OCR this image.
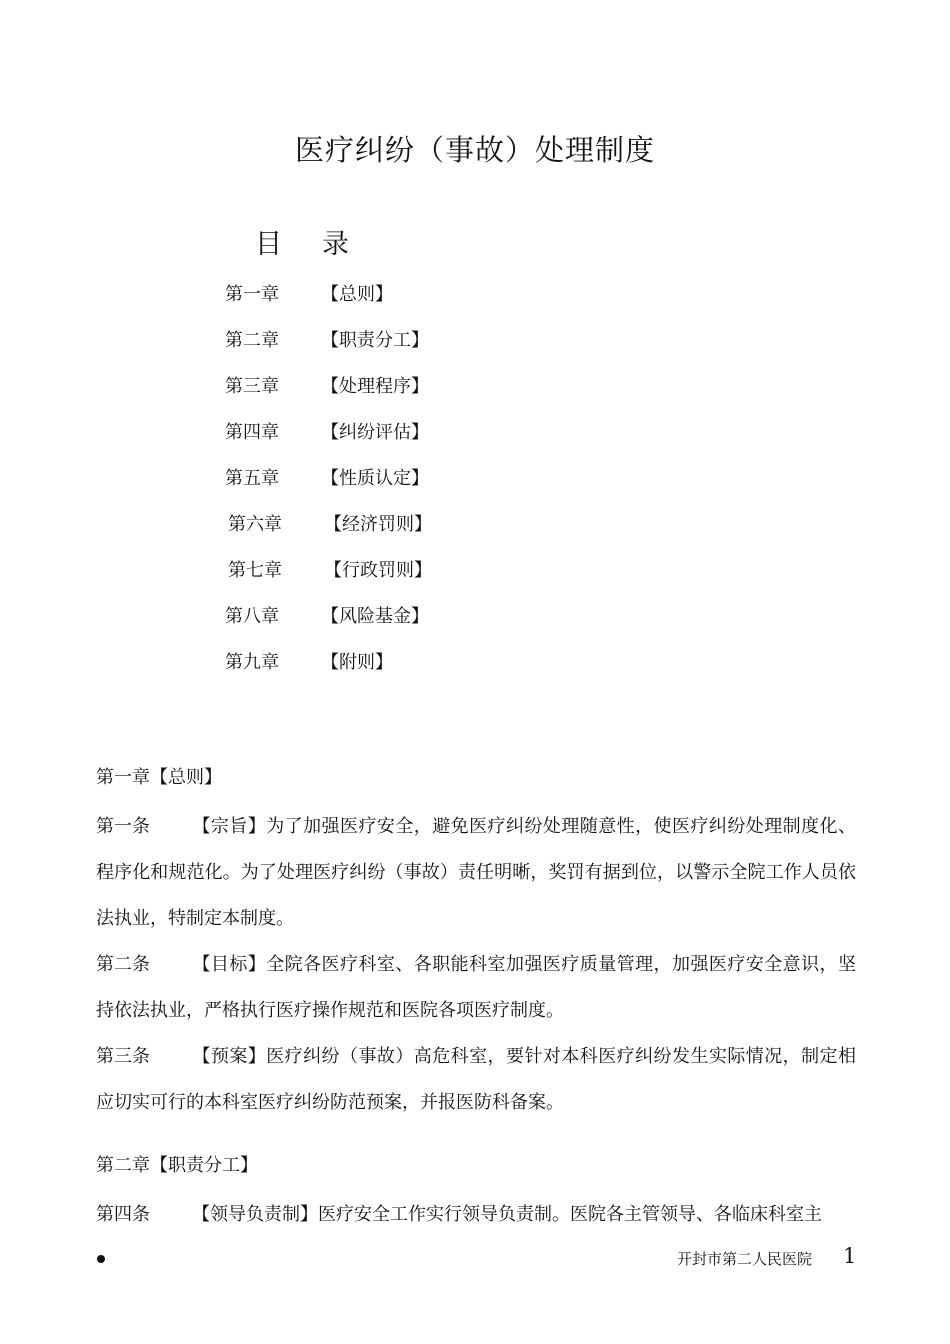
医疗纠纷（事故）处理制度
目 录
第一章 【总则】
第二章 【职责分工】
第三章 【处理程序】
第四章 【纠纷评估】
第五章 【性质认定】
第六章 【经济罚则】
第七章 【行政罚则】
第八章 【风险基金】
第九章 【附则】
第一章【总则】
第一条 【宗旨】为了加强医疗安全，避免医疗纠纷处理随意性，使医疗纠纷处理制度化、程序化和规范化。为了处理医疗纠纷（事故）责任明晰，奖罚有据到位，以警示全院工作人员依法执业，特制定本制度。
第二条 【目标】全院各医疗科室、各职能科室加强医疗质量管理，加强医疗安全意识，坚持依法执业，严格执行医疗操作规范和医院各项医疗制度。
第三条 【预案】医疗纠纷（事故）高危科室，要针对本科医疗纠纷发生实际情况，制定相应切实可行的本科室医疗纠纷防范预案，并报医防科备案。
第二章【职责分工】
第四条 【领导负责制】医疗安全工作实行领导负责制。医院各主管领导、各临床科室主
开封市第二人民医院 1
